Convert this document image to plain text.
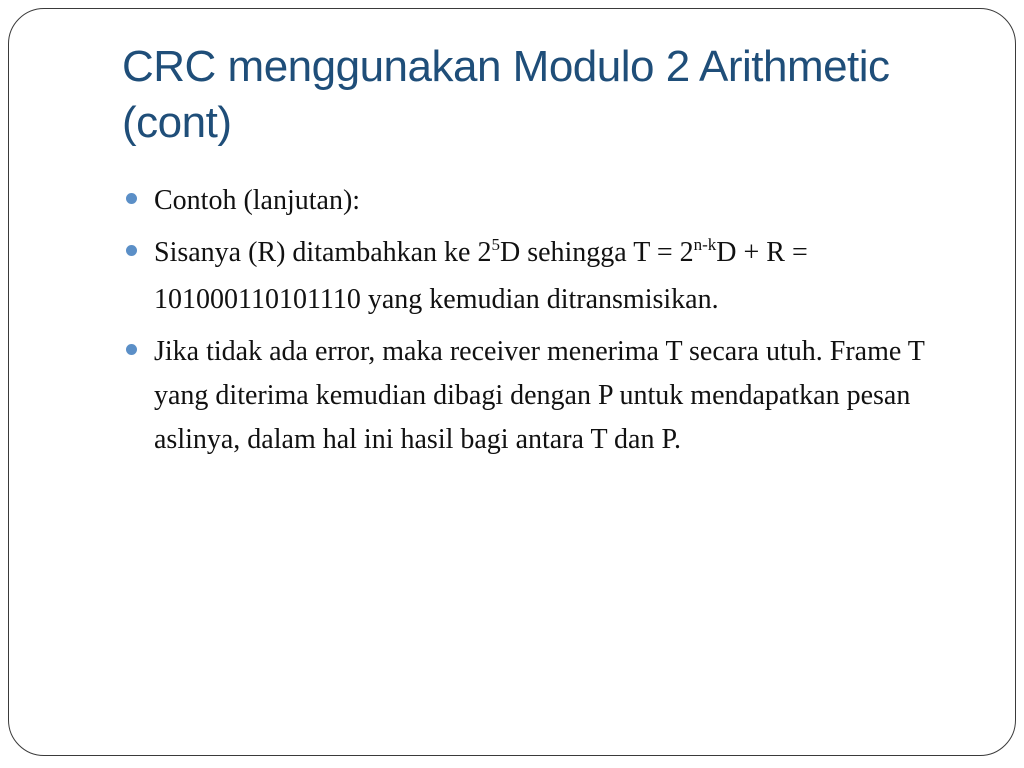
CRC menggunakan Modulo 2 Arithmetic (cont)
Contoh (lanjutan):
Sisanya (R) ditambahkan ke $2^5D$ sehingga $T = 2^{n-k}D + R = 101000110101110$ yang kemudian ditransmisikan.
Jika tidak ada error, maka receiver menerima T secara utuh. Frame T yang diterima kemudian dibagi dengan P untuk mendapatkan pesan aslinya, dalam hal ini hasil bagi antara T dan P.
